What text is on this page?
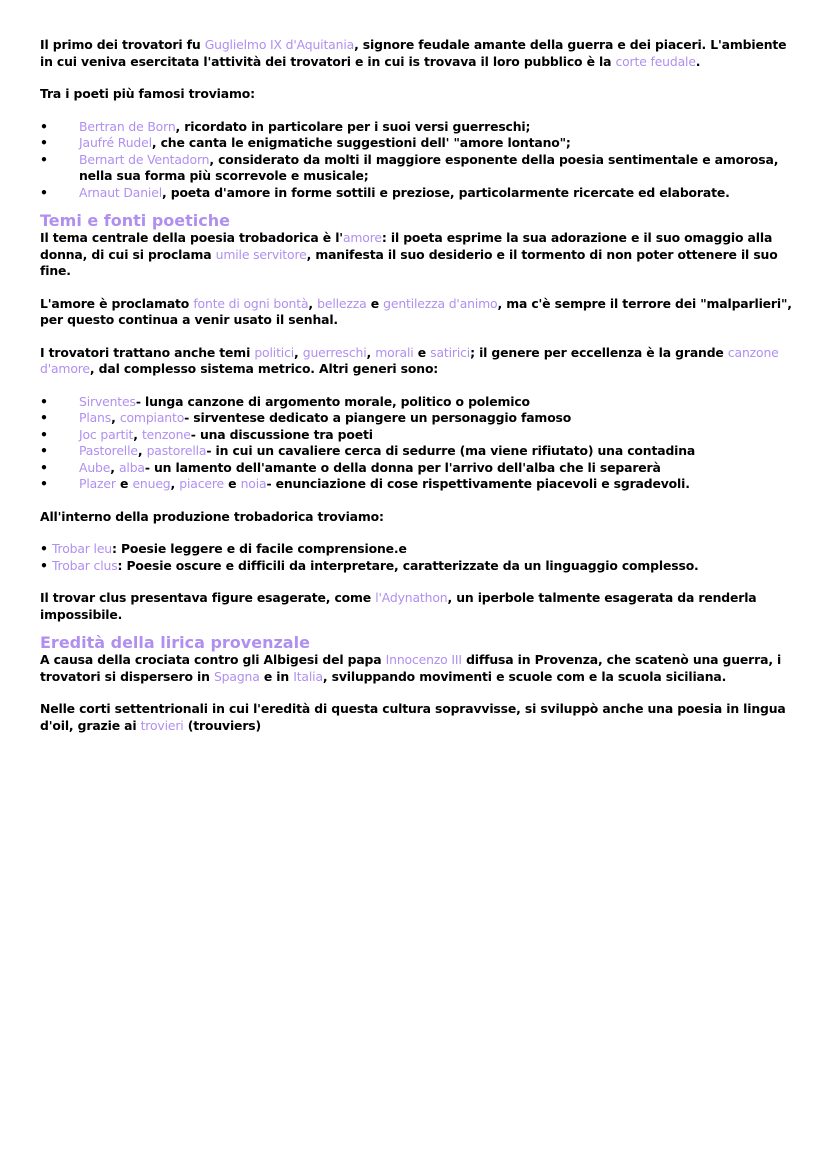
Il primo dei trovatori fu Guglielmo IX d'Aquitania, signore feudale amante della guerra e dei piaceri. L'ambiente in cui veniva esercitata l'attività dei trovatori e in cui is trovava il loro pubblico è la corte feudale.

Tra i poeti più famosi troviamo:

•	Bertran de Born, ricordato in particolare per i suoi versi guerreschi;
•	Jaufré Rudel, che canta le enigmatiche suggestioni dell' "amore lontano";
•	Bernart de Ventadorn, considerato da molti il maggiore esponente della poesia sentimentale e amorosa, nella sua forma più scorrevole e musicale;
•	Arnaut Daniel, poeta d'amore in forme sottili e preziose, particolarmente ricercate ed elaborate.
Temi e fonti poetiche

Il tema centrale della poesia trobadorica è l'amore: il poeta esprime la sua adorazione e il suo omaggio alla donna, di cui si proclama umile servitore, manifesta il suo desiderio e il tormento di non poter ottenere il suo fine.

L'amore è proclamato fonte di ogni bontà, bellezza e gentilezza d'animo, ma c'è sempre il terrore dei "malparlieri", per questo continua a venir usato il senhal.

I trovatori trattano anche temi politici, guerreschi, morali e satirici; il genere per eccellenza è la grande canzone d'amore, dal complesso sistema metrico. Altri generi sono:

•	Sirventes- lunga canzone di argomento morale, politico o polemico
•	Plans, compianto- sirventese dedicato a piangere un personaggio famoso
•	Joc partit, tenzone- una discussione tra poeti
•	Pastorelle, pastorella- in cui un cavaliere cerca di sedurre (ma viene rifiutato) una contadina
•	Aube, alba- un lamento dell'amante o della donna per l'arrivo dell'alba che li separerà
•	Plazer e enueg, piacere e noia- enunciazione di cose rispettivamente piacevoli e sgradevoli.

All'interno della produzione trobadorica troviamo:

• Trobar leu: Poesie leggere e di facile comprensione.e
• Trobar clus: Poesie oscure e difficili da interpretare, caratterizzate da un linguaggio complesso.

Il trovar clus presentava figure esagerate, come l'Adynathon, un iperbole talmente esagerata da renderla impossibile.

Eredità della lirica provenzale

A causa della crociata contro gli Albigesi del papa Innocenzo III diffusa in Provenza, che scatenò una guerra, i trovatori si dispersero in Spagna e in Italia, sviluppando movimenti e scuole com e la scuola siciliana.

Nelle corti settentrionali in cui l'eredità di questa cultura sopravvisse, si sviluppò anche una poesia in lingua d'oil, grazie ai trovieri (trouviers)
